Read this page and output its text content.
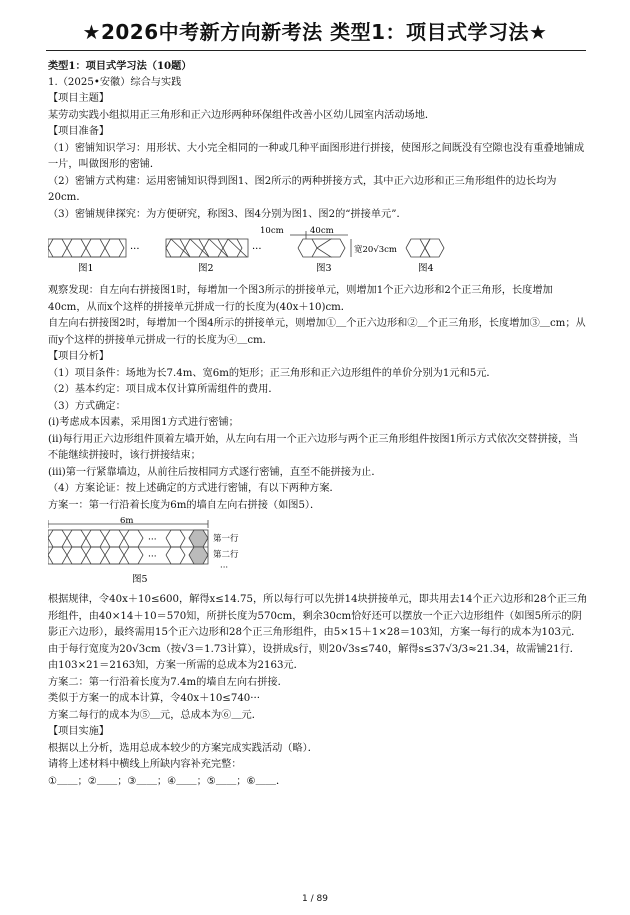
★2026中考新方向新考法 类型1：项目式学习法★

类型1：项目式学习法（10题）

1.（2025•安徽）综合与实践

【项目主题】

某劳动实践小组拟用正三角形和正六边形两种环保组件改善小区幼儿园室内活动场地．

【项目准备】

（1）密铺知识学习：用形状、大小完全相同的一种或几种平面图形进行拼接，使图形之间既没有空隙也没有重叠地铺成一片，叫做图形的密铺．

（2）密铺方式构建：运用密铺知识得到图1、图2所示的两种拼接方式，其中正六边形和正三角形组件的边长均为20cm．

（3）密铺规律探究：为方便研究，称图3、图4分别为图1、图2的“拼接单元”．

···
图1
···
图2
10cm	40cm
宽20√3cm
图3	图4

观察发现：自左向右拼接图1时，每增加一个图3所示的拼接单元，则增加1个正六边形和2个正三角形，长度增加40cm，从而x个这样的拼接单元拼成一行的长度为(40x＋10)cm．

自左向右拼接图2时，每增加一个图4所示的拼接单元，则增加①＿个正六边形和②＿个正三角形，长度增加③＿cm；从而y个这样的拼接单元拼成一行的长度为④＿cm．

【项目分析】

（1）项目条件：场地为长7.4m、宽6m的矩形；正三角形和正六边形组件的单价分别为1元和5元．

（2）基本约定：项目成本仅计算所需组件的费用．

（3）方式确定：

(i)考虑成本因素，采用图1方式进行密铺；

(ii)每行用正六边形组件顶着左墙开始，从左向右用一个正六边形与两个正三角形组件按图1所示方式依次交替拼接，当不能继续拼接时，该行拼接结束；

(iii)第一行紧靠墙边，从前往后按相同方式逐行密铺，直至不能拼接为止．

（4）方案论证：按上述确定的方式进行密铺，有以下两种方案．

方案一：第一行沿着长度为6m的墙自左向右拼接（如图5）．

6m
···
···
第一行
第二行
···
图5

根据规律，令40x＋10≤600，解得x≤14.75，所以每行可以先拼14块拼接单元，即共用去14个正六边形和28个正三角形组件，由40×14＋10＝570知，所拼长度为570cm，剩余30cm恰好还可以摆放一个正六边形组件（如图5所示的阴影正六边形），最终需用15个正六边形和28个正三角形组件，由5×15＋1×28＝103知，方案一每行的成本为103元．

由于每行宽度为20√3cm（按√3＝1.73计算），设拼成s行，则20√3s≤740，解得s≤37√3/3≈21.34，故需铺21行．由103×21＝2163知，方案一所需的总成本为2163元．

方案二：第一行沿着长度为7.4m的墙自左向右拼接．

类似于方案一的成本计算，令40x＋10≤740···

方案二每行的成本为⑤＿元，总成本为⑥＿元．

【项目实施】

根据以上分析，选用总成本较少的方案完成实践活动（略）．

请将上述材料中横线上所缺内容补充完整：

①＿＿；②＿＿；③＿＿；④＿＿；⑤＿＿；⑥＿＿．

1 / 89
